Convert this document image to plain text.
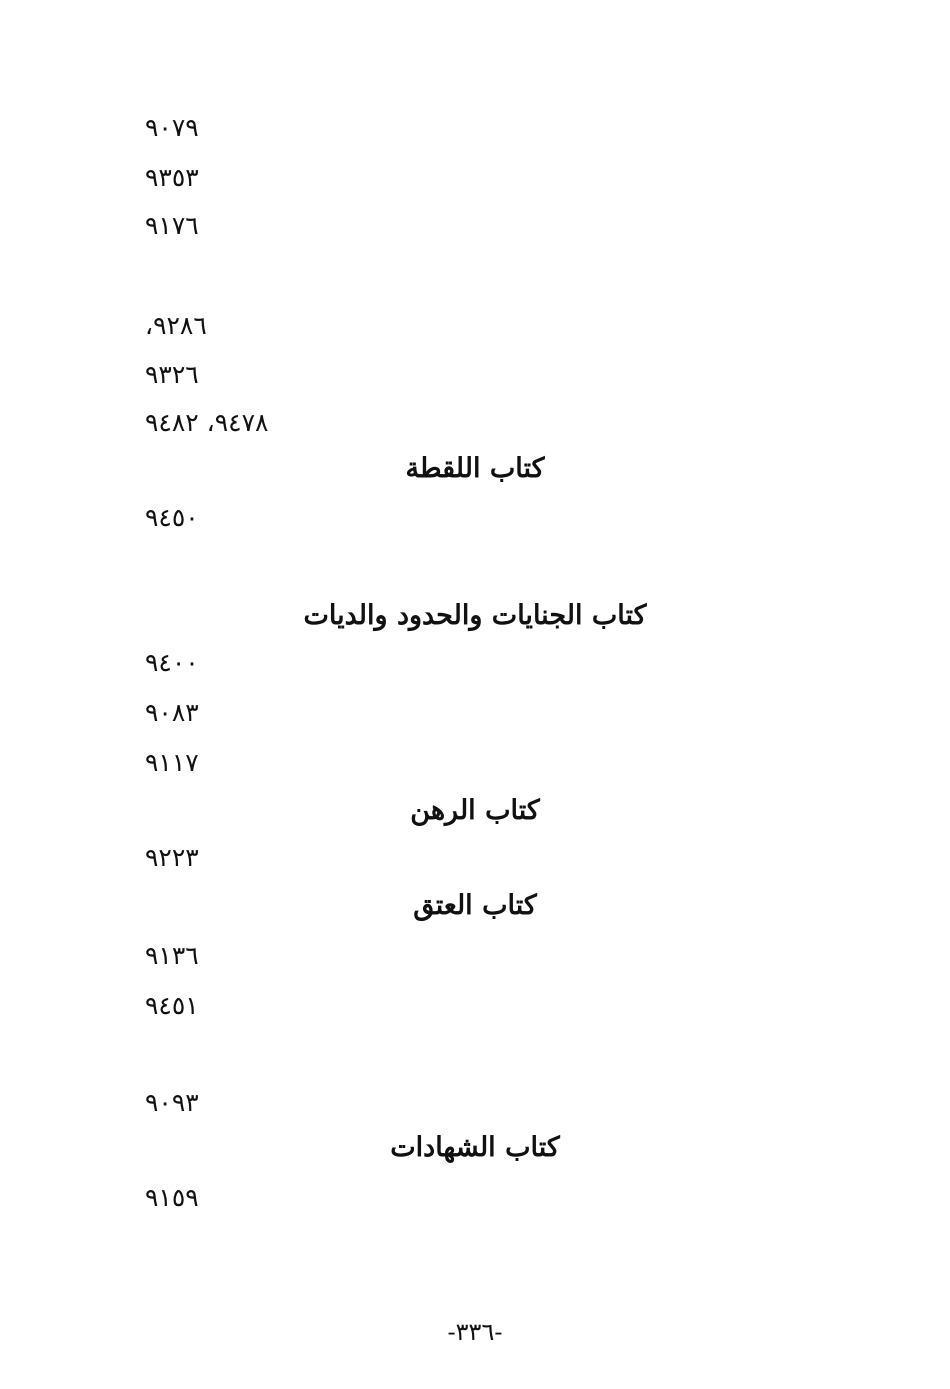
٩٠٧٩
٩٣٥٣
٩١٧٦
٩٢٨٦،
٩٣٢٦
٩٤٧٨، ٩٤٨٢
كتاب اللقطة
٩٤٥٠
كتاب الجنايات والحدود والديات
٩٤٠٠
٩٠٨٣
٩١١٧
كتاب الرهن
٩٢٢٣
كتاب العتق
٩١٣٦
٩٤٥١
٩٠٩٣
كتاب الشهادات
٩١٥٩
-٣٣٦-
